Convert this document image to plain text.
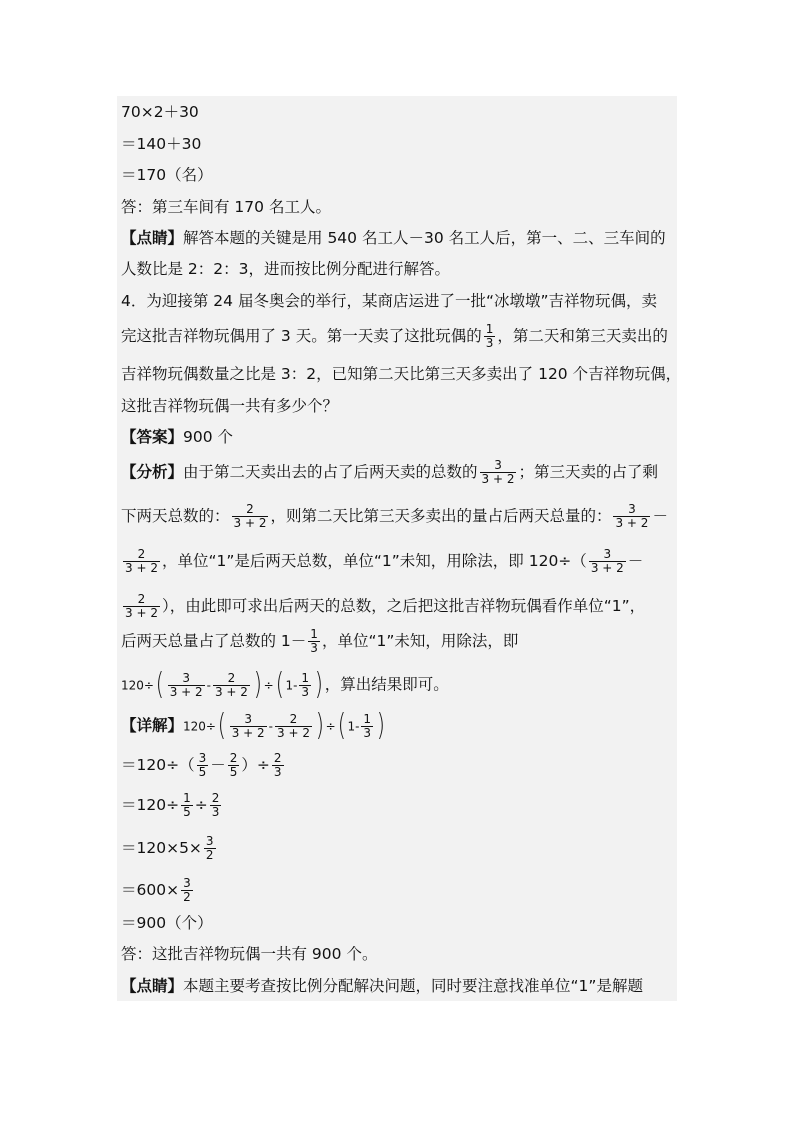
70×2＋30
＝140＋30
＝170（名）
答：第三车间有 170 名工人。
【点睛】解答本题的关键是用 540 名工人－30 名工人后，第一、二、三车间的
人数比是 2：2：3，进而按比例分配进行解答。
4．为迎接第 24 届冬奥会的举行，某商店运进了一批“冰墩墩”吉祥物玩偶，卖
完这批吉祥物玩偶用了 3 天。第一天卖了这批玩偶的 $\frac{1}{3}$ ，第二天和第三天卖出的
吉祥物玩偶数量之比是 3：2，已知第二天比第三天多卖出了 120 个吉祥物玩偶，
这批吉祥物玩偶一共有多少个？
【答案】900 个
【分析】由于第二天卖出去的占了后两天卖的总数的 $\frac{3}{3 + 2}$ ；第三天卖的占了剩
下两天总数的： $\frac{2}{3 + 2}$ ，则第二天比第三天多卖出的量占后两天总量的： $\frac{3}{3 + 2}$ －
$\frac{2}{3 + 2}$ ，单位“1”是后两天总数，单位“1”未知，用除法，即 $120\div( \frac{3}{3 + 2}$ －
$\frac{2}{3 + 2}$ ），由此即可求出后两天的总数，之后把这批吉祥物玩偶看作单位“1”，
后两天总量占了总数的 $1- \frac{1}{3}$ ，单位“1”未知，用除法，即
$120\div( \frac{3}{3 + 2} - \frac{2}{3 + 2}$ ) ÷( $1- \frac{1}{3}$ ) ，算出结果即可。
【详解】$120\div( \frac{3}{3 + 2} - \frac{2}{3 + 2}$ ) ÷( $1- \frac{1}{3}$ )
$=120\div( \frac{3}{5} - \frac{2}{5}$ ）÷ $\frac{2}{3}$
$=120\div \frac{1}{5} \div \frac{2}{3}$
$=120\times 5\times \frac{3}{2}$
$=600\times \frac{3}{2}$
＝900（个）
答：这批吉祥物玩偶一共有 900 个。
【点睛】本题主要考查按比例分配解决问题，同时要注意找准单位“1”是解题
